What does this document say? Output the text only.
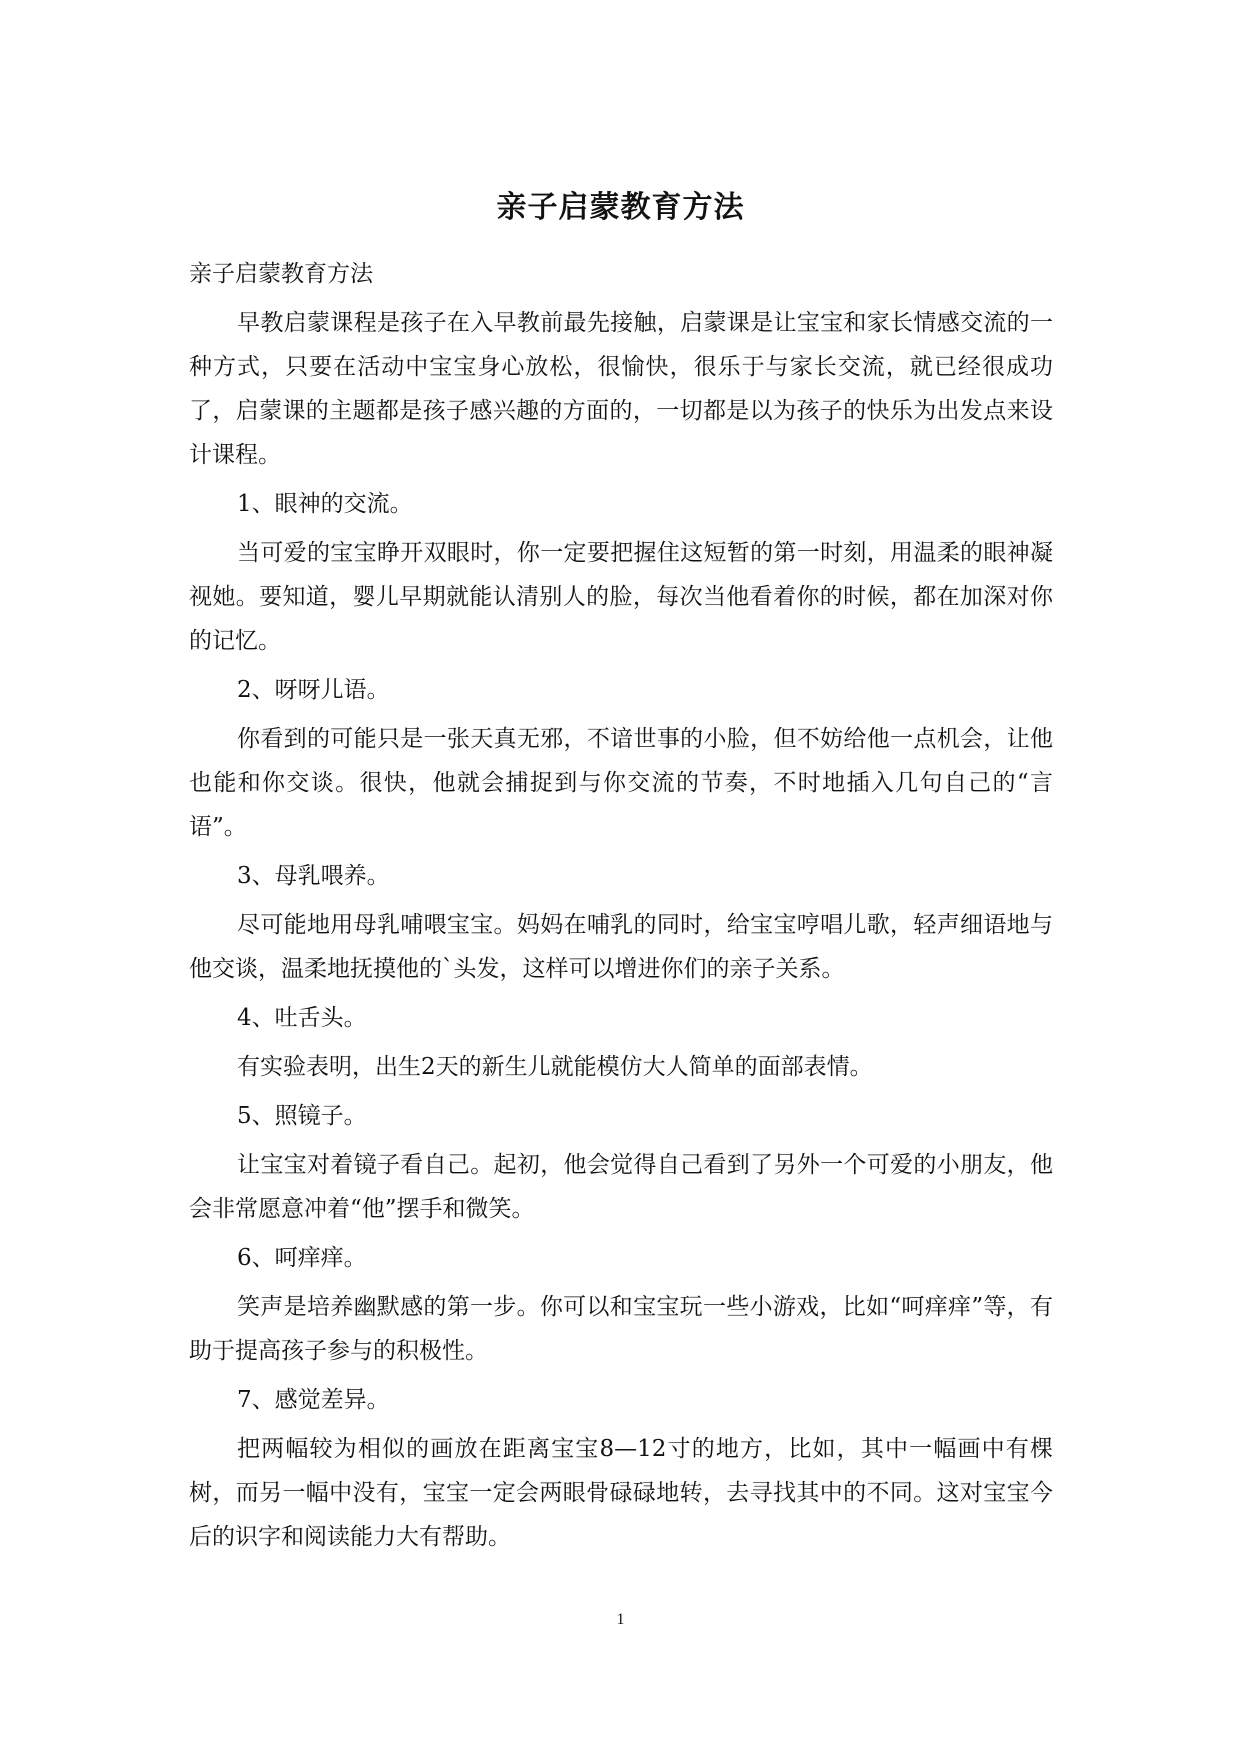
亲子启蒙教育方法

亲子启蒙教育方法

早教启蒙课程是孩子在入早教前最先接触，启蒙课是让宝宝和家长情感交流的一种方式，只要在活动中宝宝身心放松，很愉快，很乐于与家长交流，就已经很成功了，启蒙课的主题都是孩子感兴趣的方面的，一切都是以为孩子的快乐为出发点来设计课程。

1、眼神的交流。

当可爱的宝宝睁开双眼时，你一定要把握住这短暂的第一时刻，用温柔的眼神凝视她。要知道，婴儿早期就能认清别人的脸，每次当他看着你的时候，都在加深对你的记忆。

2、呀呀儿语。

你看到的可能只是一张天真无邪，不谙世事的小脸，但不妨给他一点机会，让他也能和你交谈。很快，他就会捕捉到与你交流的节奏，不时地插入几句自己的“言语”。

3、母乳喂养。

尽可能地用母乳哺喂宝宝。妈妈在哺乳的同时，给宝宝哼唱儿歌，轻声细语地与他交谈，温柔地抚摸他的`头发，这样可以增进你们的亲子关系。

4、吐舌头。

有实验表明，出生2天的新生儿就能模仿大人简单的面部表情。

5、照镜子。

让宝宝对着镜子看自己。起初，他会觉得自己看到了另外一个可爱的小朋友，他会非常愿意冲着“他”摆手和微笑。

6、呵痒痒。

笑声是培养幽默感的第一步。你可以和宝宝玩一些小游戏，比如“呵痒痒”等，有助于提高孩子参与的积极性。

7、感觉差异。

把两幅较为相似的画放在距离宝宝8—12寸的地方，比如，其中一幅画中有棵树，而另一幅中没有，宝宝一定会两眼骨碌碌地转，去寻找其中的不同。这对宝宝今后的识字和阅读能力大有帮助。

1
